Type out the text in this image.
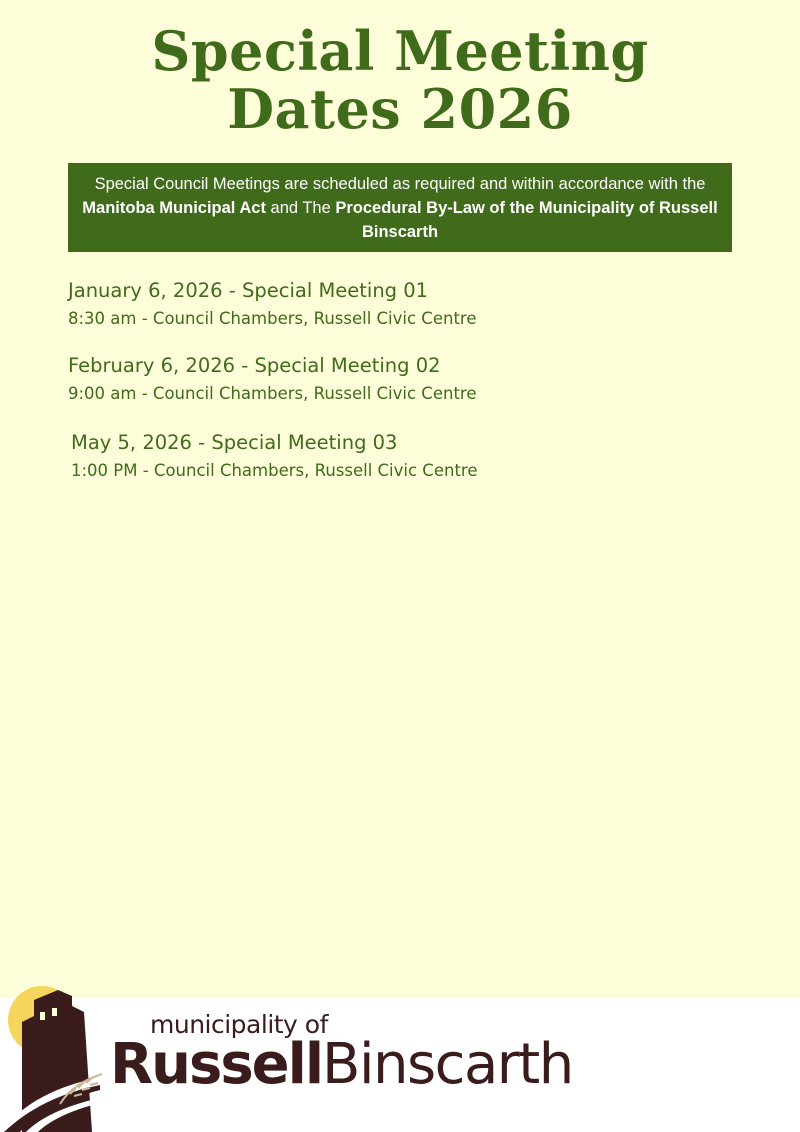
Special Meeting
Dates 2026
Special Council Meetings are scheduled as required and within accordance with the Manitoba Municipal Act and The Procedural By-Law of the Municipality of Russell Binscarth
January 6, 2026 - Special Meeting 01
8:30 am - Council Chambers, Russell Civic Centre
February 6, 2026 - Special Meeting 02
9:00 am - Council Chambers, Russell Civic Centre
May 5, 2026 - Special Meeting 03
1:00 PM - Council Chambers, Russell Civic Centre
municipality of
RussellBinscarth
